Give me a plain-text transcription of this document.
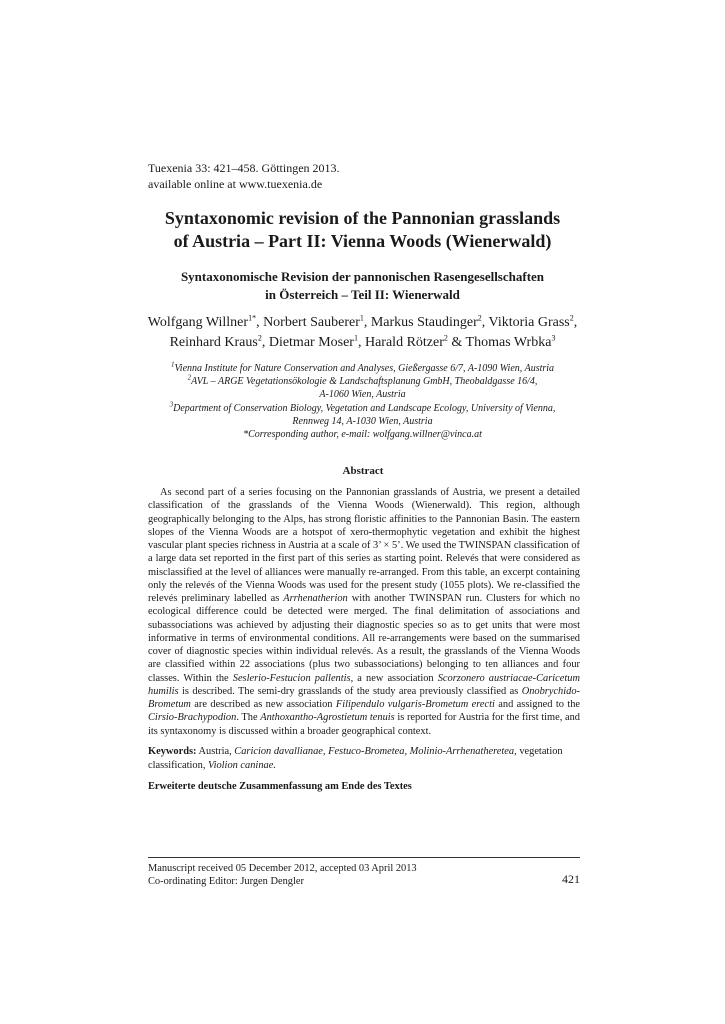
Tuexenia 33: 421–458. Göttingen 2013.
available online at www.tuexenia.de
Syntaxonomic revision of the Pannonian grasslands
of Austria – Part II: Vienna Woods (Wienerwald)
Syntaxonomische Revision der pannonischen Rasengesellschaften
in Österreich – Teil II: Wienerwald
Wolfgang Willner$^{1*}$, Norbert Sauberer$^1$, Markus Staudinger$^2$, Viktoria Grass$^2$,
Reinhard Kraus$^2$, Dietmar Moser$^1$, Harald Rötzer$^2$ & Thomas Wrbka$^3$
$^1$Vienna Institute for Nature Conservation and Analyses, Gießergasse 6/7, A-1090 Wien, Austria
$^2$AVL – ARGE Vegetationsökologie & Landschaftsplanung GmbH, Theobaldgasse 16/4,
A-1060 Wien, Austria
$^3$Department of Conservation Biology, Vegetation and Landscape Ecology, University of Vienna,
Rennweg 14, A-1030 Wien, Austria
*Corresponding author, e-mail: wolfgang.willner@vinca.at
Abstract
As second part of a series focusing on the Pannonian grasslands of Austria, we present a detailed classification of the grasslands of the Vienna Woods (Wienerwald). This region, although geographically belonging to the Alps, has strong floristic affinities to the Pannonian Basin. The eastern slopes of the Vienna Woods are a hotspot of xero-thermophytic vegetation and exhibit the highest vascular plant species richness in Austria at a scale of 3’ × 5’. We used the TWINSPAN classification of a large data set reported in the first part of this series as starting point. Relevés that were considered as misclassified at the level of alliances were manually re-arranged. From this table, an excerpt containing only the relevés of the Vienna Woods was used for the present study (1055 plots). We re-classified the relevés preliminary labelled as Arrhenatherion with another TWINSPAN run. Clusters for which no ecological difference could be detected were merged. The final delimitation of associations and subassociations was achieved by adjusting their diagnostic species so as to get units that were most informative in terms of environmental conditions. All re-arrangements were based on the summarised cover of diagnostic species within individual relevés. As a result, the grasslands of the Vienna Woods are classified within 22 associations (plus two subassociations) belonging to ten alliances and four classes. Within the Seslerio-Festucion pallentis, a new association Scorzonero austriacae-Caricetum humilis is described. The semi-dry grasslands of the study area previously classified as Onobrychido-Brometum are described as new association Filipendulo vulgaris-Brometum erecti and assigned to the Cirsio-Brachypodion. The Anthoxantho-Agrostietum tenuis is reported for Austria for the first time, and its syntaxonomy is discussed within a broader geographical context.
Keywords: Austria, Caricion davallianae, Festuco-Brometea, Molinio-Arrhenatheretea, vegetation classification, Violion caninae.
Erweiterte deutsche Zusammenfassung am Ende des Textes
Manuscript received 05 December 2012, accepted 03 April 2013
Co-ordinating Editor: Jurgen Dengler	421
